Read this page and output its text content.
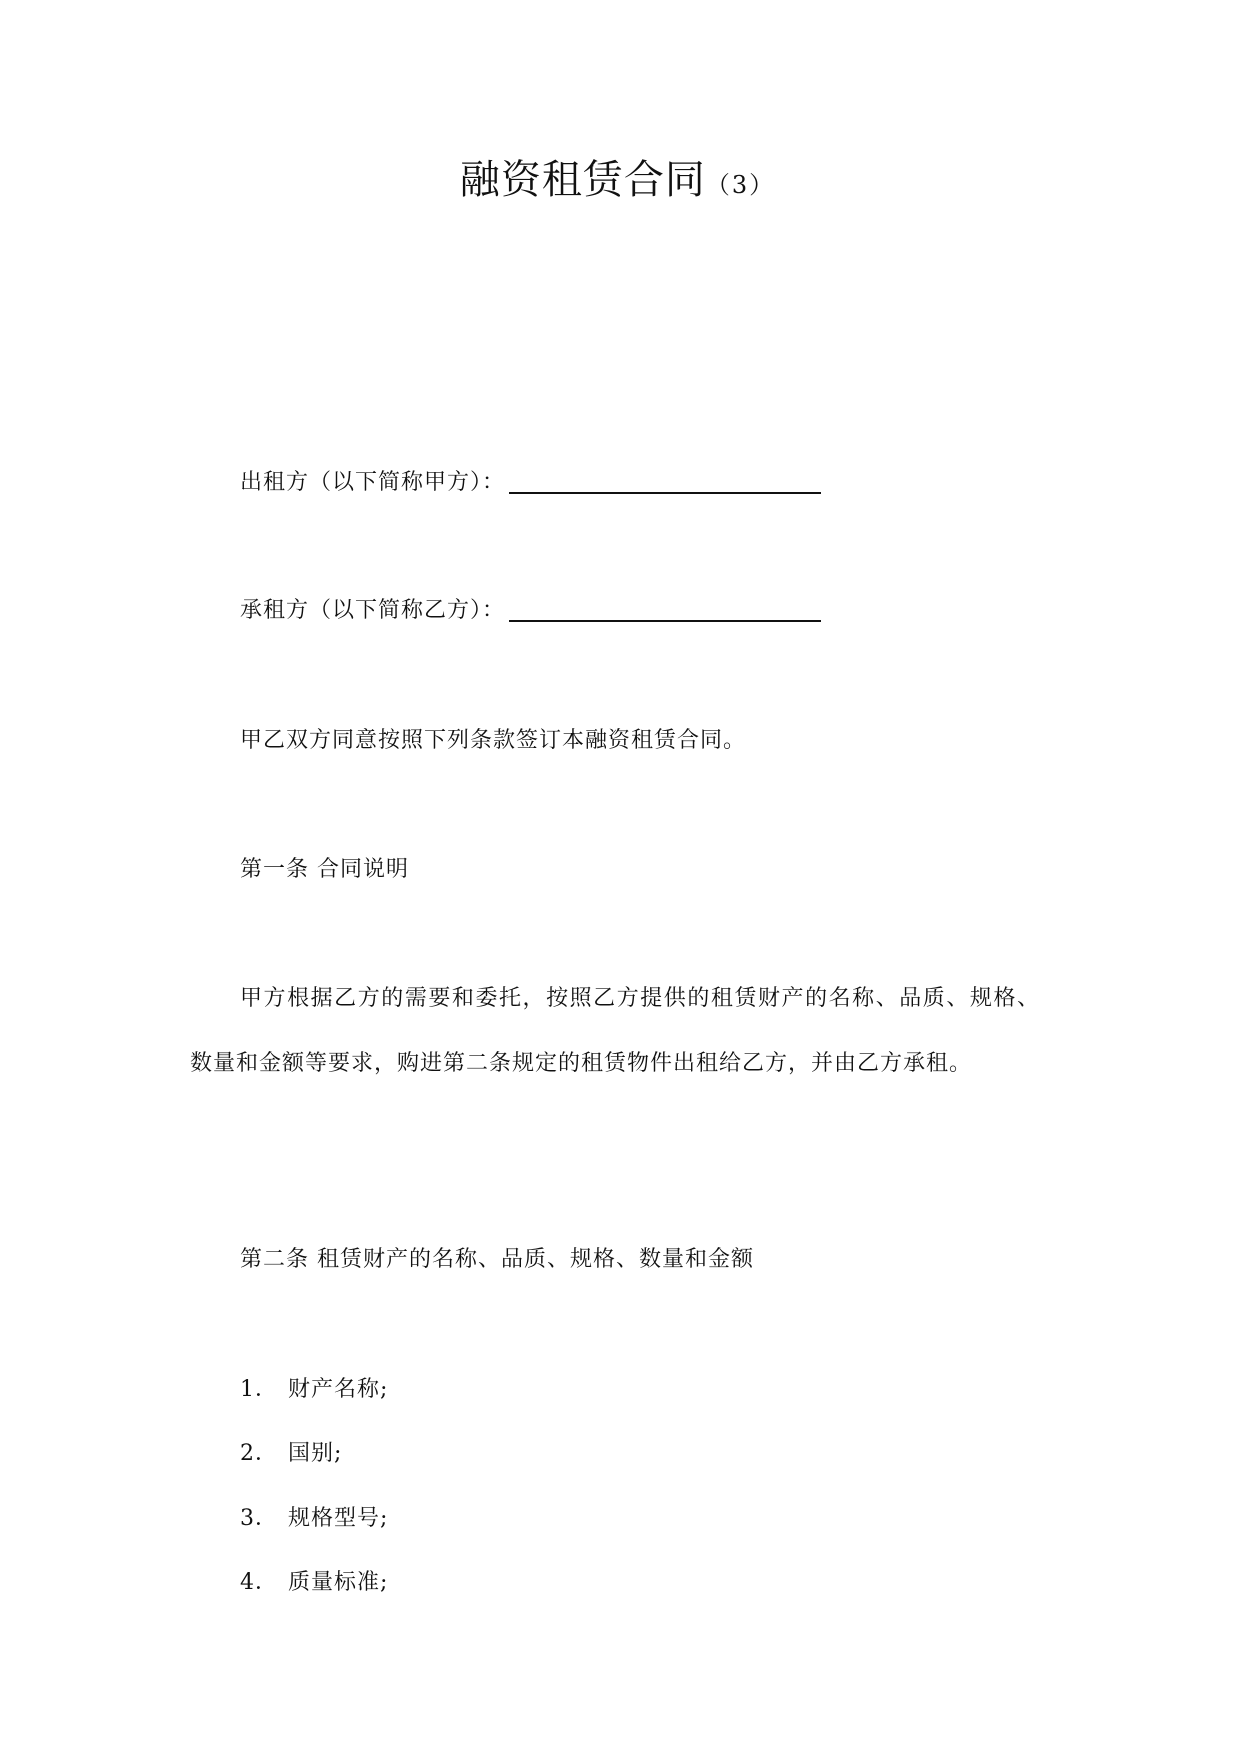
融资租赁合同（3）
出租方（以下简称甲方）：
承租方（以下简称乙方）：
甲乙双方同意按照下列条款签订本融资租赁合同。
第一条 合同说明
甲方根据乙方的需要和委托，按照乙方提供的租赁财产的名称、品质、规格、数量和金额等要求，购进第二条规定的租赁物件出租给乙方，并由乙方承租。
第二条 租赁财产的名称、品质、规格、数量和金额
1． 财产名称;
2． 国别;
3． 规格型号;
4． 质量标准;
